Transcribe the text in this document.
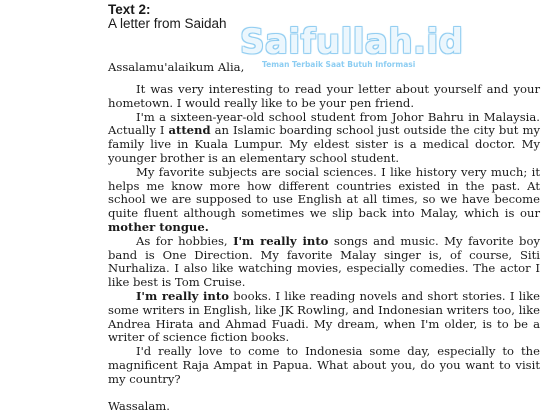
Text 2:
A letter from Saidah Saifullah.id
Teman Terbaik Saat Butuh Informasi
Assalamu'alaikum Alia,

It was very interesting to read your letter about yourself and your hometown. I would really like to be your pen friend.

I'm a sixteen-year-old school student from Johor Bahru in Malaysia. Actually I attend an Islamic boarding school just outside the city but my family live in Kuala Lumpur. My eldest sister is a medical doctor. My younger brother is an elementary school student.

My favorite subjects are social sciences. I like history very much; it helps me know more how different countries existed in the past. At school we are supposed to use English at all times, so we have become quite fluent although sometimes we slip back into Malay, which is our mother tongue.

As for hobbies, I'm really into songs and music. My favorite boy band is One Direction. My favorite Malay singer is, of course, Siti Nurhaliza. I also like watching movies, especially comedies. The actor I like best is Tom Cruise.

I'm really into books. I like reading novels and short stories. I like some writers in English, like JK Rowling, and Indonesian writers too, like Andrea Hirata and Ahmad Fuadi. My dream, when I'm older, is to be a writer of science fiction books.

I'd really love to come to Indonesia some day, especially to the magnificent Raja Ampat in Papua. What about you, do you want to visit my country?

Wassalam.
